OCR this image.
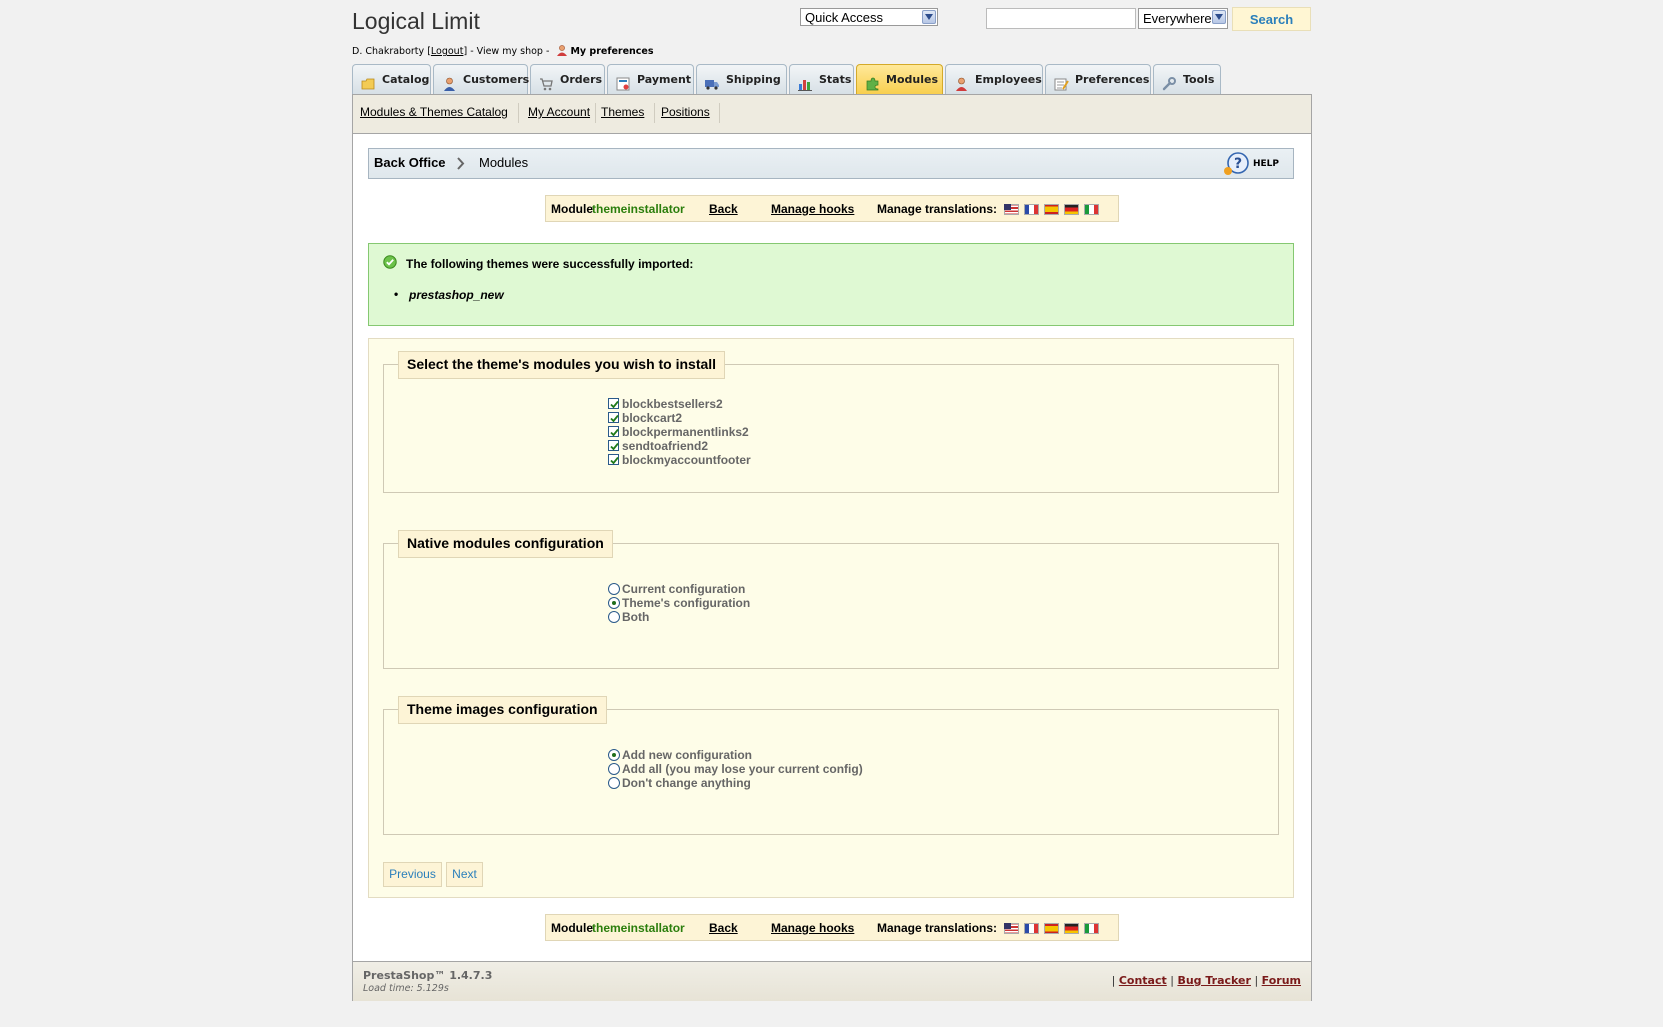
Logical Limit
D. Chakraborty [Logout] - View my shop - My preferences
Quick Access	Everywhere	Search
Catalog	Customers	Orders	Payment	Shipping	Stats	Modules	Employees	Preferences	Tools
Modules & Themes Catalog My Account Themes Positions
Back Office	Modules	? HELP
Module themeinstallator Back	Manage hooks Manage translations:
The following themes were successfully imported:
• prestashop_new
Select the theme's modules you wish to install
blockbestsellers2
blockcart2
blockpermanentlinks2
sendtoafriend2
blockmyaccountfooter
Native modules configuration
Current configuration
Theme's configuration
Both
Theme images configuration
Add new configuration
Add all (you may lose your current config)
Don't change anything
Previous	Next
Module themeinstallator Back	Manage hooks Manage translations:
PrestaShop™ 1.4.7.3
Load time: 5.129s
| Contact | Bug Tracker | Forum
